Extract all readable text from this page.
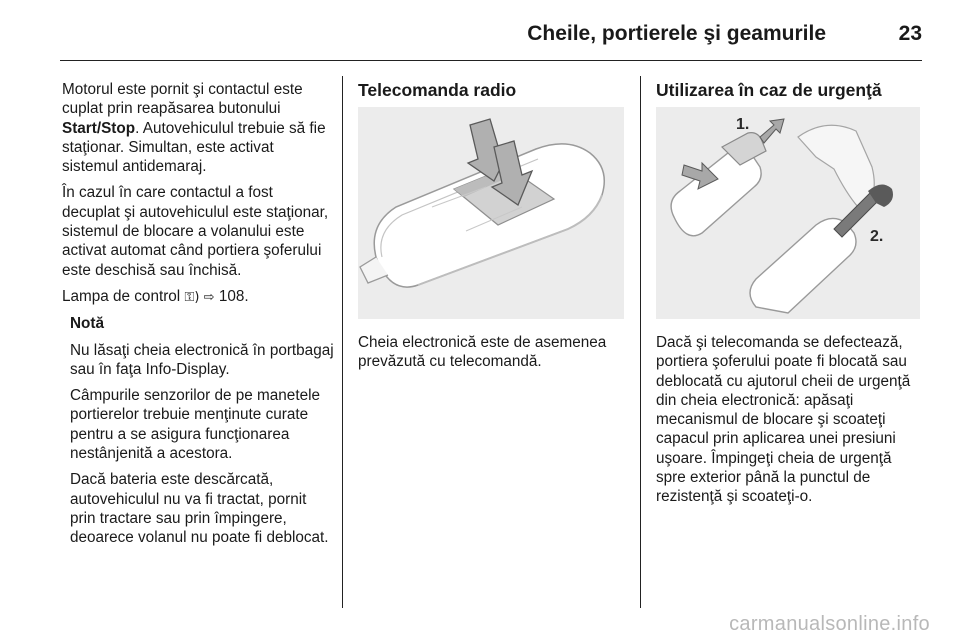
Cheile, portierele şi geamurile	23

Motorul este pornit şi contactul este cuplat prin reapăsarea butonului Start/Stop. Autovehiculul trebuie să fie staţionar. Simultan, este activat sistemul antidemaraj.

În cazul în care contactul a fost decuplat şi autovehiculul este staţionar, sistemul de blocare a volanului este activat automat când portiera şoferului este deschisă sau închisă.

Lampa de control ⚿) ⇨ 108.

Notă

Nu lăsaţi cheia electronică în portbagaj sau în faţa Info-Display.

Câmpurile senzorilor de pe manetele portierelor trebuie menţinute curate pentru a se asigura funcţionarea nestânjenită a acestora.

Dacă bateria este descărcată, autovehiculul nu va fi tractat, pornit prin tractare sau prin împingere, deoarece volanul nu poate fi deblocat.

Telecomanda radio

Cheia electronică este de asemenea prevăzută cu telecomandă.

Utilizarea în caz de urgenţă

1.
2.

Dacă şi telecomanda se defectează, portiera şoferului poate fi blocată sau deblocată cu ajutorul cheii de urgenţă din cheia electronică: apăsaţi mecanismul de blocare şi scoateţi capacul prin aplicarea unei presiuni uşoare. Împingeţi cheia de urgenţă spre exterior până la punctul de rezistenţă şi scoateţi-o.

carmanualsonline.info
